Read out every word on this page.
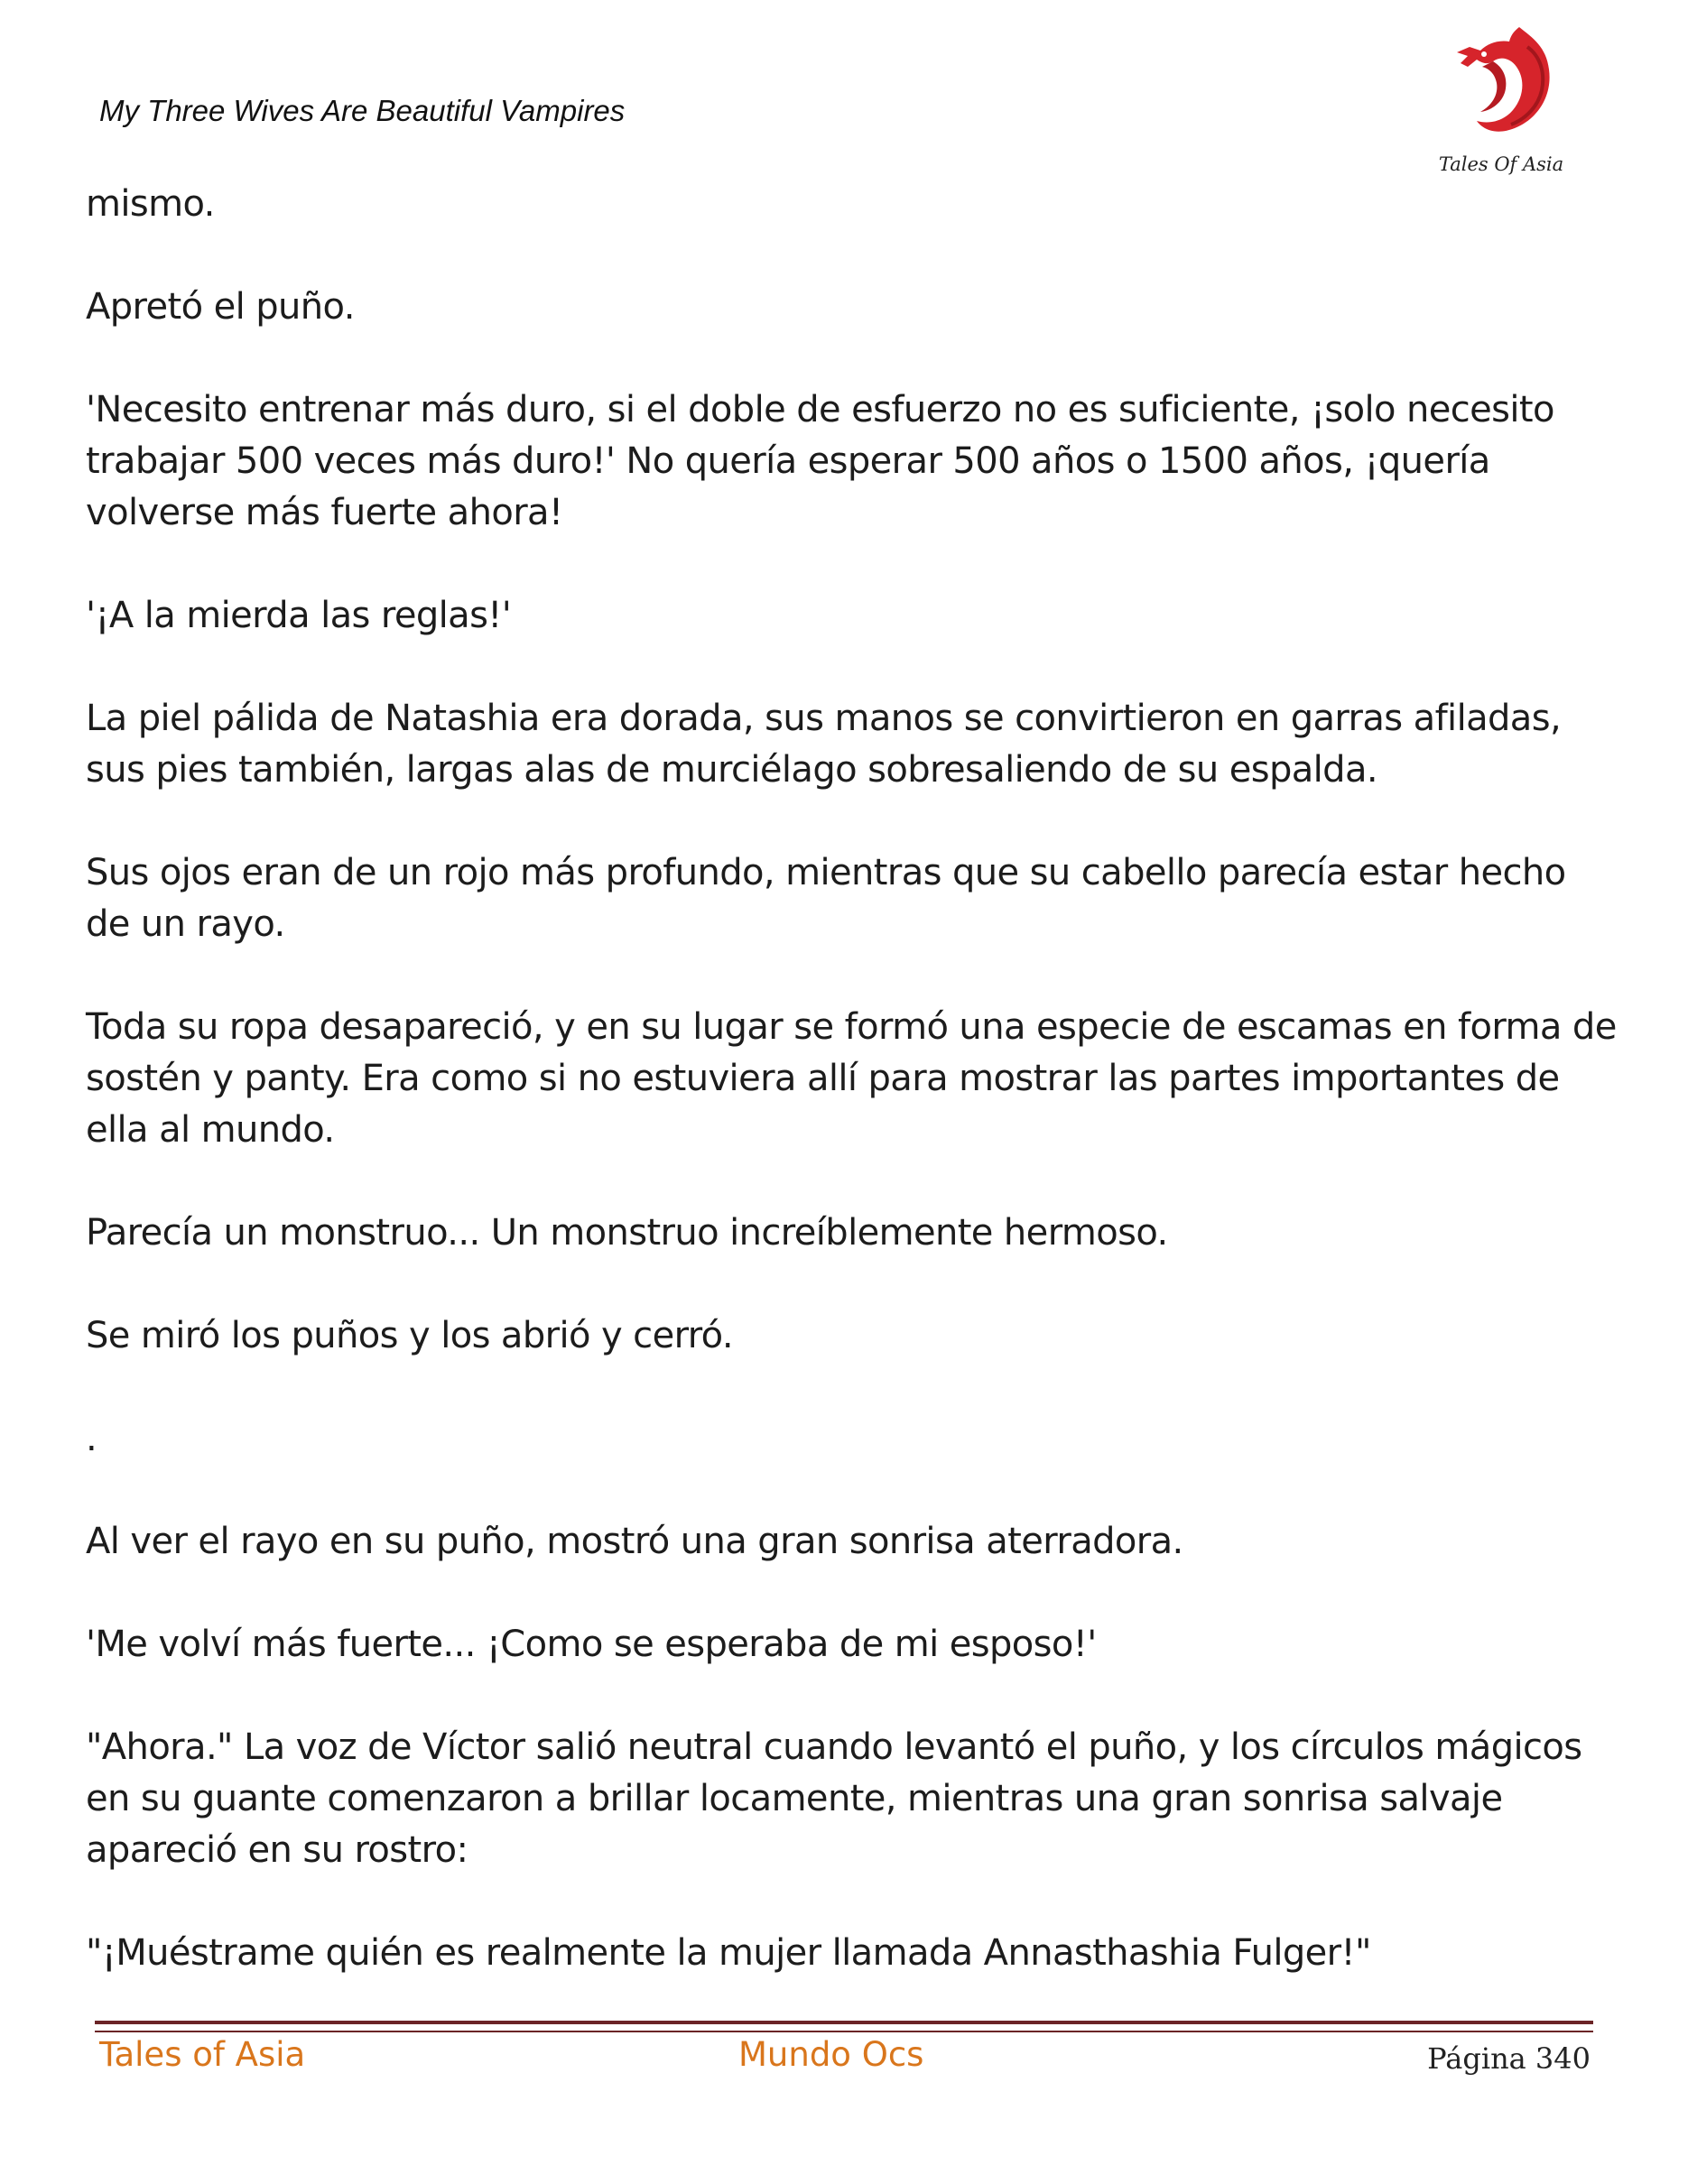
My Three Wives Are Beautiful Vampires
Tales Of Asia

mismo.

Apretó el puño.

'Necesito entrenar más duro, si el doble de esfuerzo no es suficiente, ¡solo necesito trabajar 500 veces más duro!' No quería esperar 500 años o 1500 años, ¡quería volverse más fuerte ahora!

'¡A la mierda las reglas!'

La piel pálida de Natashia era dorada, sus manos se convirtieron en garras afiladas, sus pies también, largas alas de murciélago sobresaliendo de su espalda.

Sus ojos eran de un rojo más profundo, mientras que su cabello parecía estar hecho de un rayo.

Toda su ropa desapareció, y en su lugar se formó una especie de escamas en forma de sostén y panty. Era como si no estuviera allí para mostrar las partes importantes de ella al mundo.

Parecía un monstruo... Un monstruo increíblemente hermoso.

Se miró los puños y los abrió y cerró.

.

Al ver el rayo en su puño, mostró una gran sonrisa aterradora.

'Me volví más fuerte... ¡Como se esperaba de mi esposo!'

"Ahora." La voz de Víctor salió neutral cuando levantó el puño, y los círculos mágicos en su guante comenzaron a brillar locamente, mientras una gran sonrisa salvaje apareció en su rostro:

"¡Muéstrame quién es realmente la mujer llamada Annasthashia Fulger!"

Tales of Asia	Mundo Ocs	Página 340
